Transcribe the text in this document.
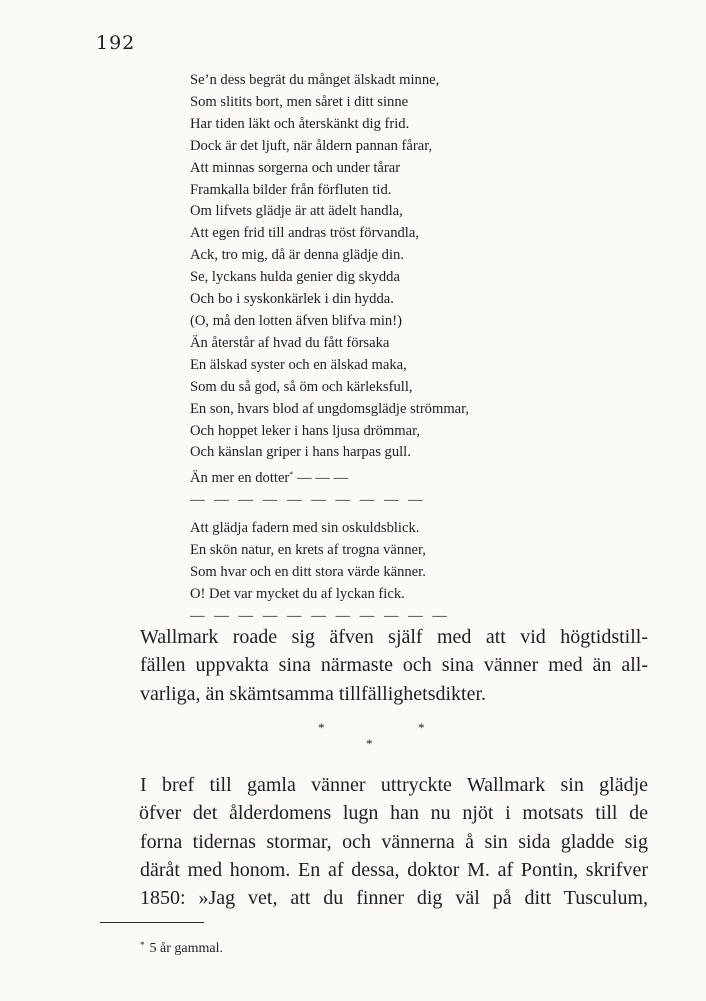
192
Se’n dess begrät du månget älskadt minne,
Som slitits bort, men såret i ditt sinne
Har tiden läkt och återskänkt dig frid.
Dock är det ljuft, när åldern pannan fårar,
Att minnas sorgerna och under tårar
Framkalla bilder från förfluten tid.
Om lifvets glädje är att ädelt handla,
Att egen frid till andras tröst förvandla,
Ack, tro mig, då är denna glädje din.
Se, lyckans hulda genier dig skydda
Och bo i syskonkärlek i din hydda.
(O, må den lotten äfven blifva min!)
Än återstår af hvad du fått försaka
En älskad syster och en älskad maka,
Som du så god, så öm och kärleksfull,
En son, hvars blod af ungdomsglädje strömmar,
Och hoppet leker i hans ljusa drömmar,
Och känslan griper i hans harpas gull.
Än mer en dotter* — — —
— — — — — — — — — —
Att glädja fadern med sin oskuldsblick.
En skön natur, en krets af trogna vänner,
Som hvar och en ditt stora värde känner.
O! Det var mycket du af lyckan fick.
— — — — — — — — — — —
Wallmark roade sig äfven själf med att vid högtidstill-
fällen uppvakta sina närmaste och sina vänner med än all-
varliga, än skämtsamma tillfällighetsdikter.
*	*
*
I bref till gamla vänner uttryckte Wallmark sin glädje
öfver det ålderdomens lugn han nu njöt i motsats till de
forna tidernas stormar, och vännerna å sin sida gladde sig
däråt med honom. En af dessa, doktor M. af Pontin, skrifver
1850: »Jag vet, att du finner dig väl på ditt Tusculum,
* 5 år gammal.
